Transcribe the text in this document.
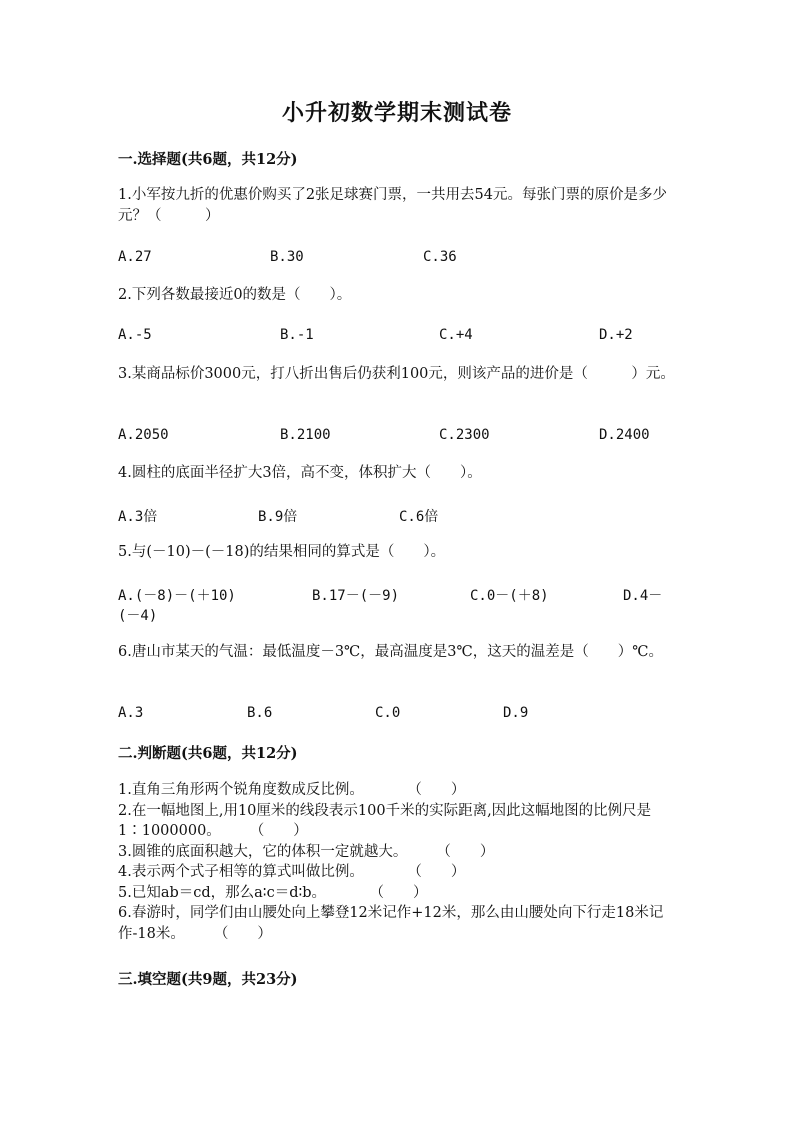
小升初数学期末测试卷
一.选择题(共6题，共12分)
1.小军按九折的优惠价购买了2张足球赛门票，一共用去54元。每张门票的原价是多少元？（　　　）
A.27	B.30	C.36
2.下列各数最接近0的数是（　　）。
A.-5	B.-1	C.+4	D.+2
3.某商品标价3000元，打八折出售后仍获利100元，则该产品的进价是（　　　）元。
A.2050	B.2100	C.2300	D.2400
4.圆柱的底面半径扩大3倍，高不变，体积扩大（　　）。
A.3倍	B.9倍	C.6倍
5.与(－10)－(－18)的结果相同的算式是（　　）。
A.(－8)－(＋10)	B.17－(－9)	C.0－(＋8)	D.4－
(－4)
6.唐山市某天的气温：最低温度－3℃，最高温度是3℃，这天的温差是（　　）℃。
A.3	B.6	C.0	D.9
二.判断题(共6题，共12分)
1.直角三角形两个锐角度数成反比例。　　　　（　　）
2.在一幅地图上,用10厘米的线段表示100千米的实际距离,因此这幅地图的比例尺是1∶1000000。　　　（　　）
3.圆锥的底面积越大，它的体积一定就越大。　　　（　　）
4.表示两个式子相等的算式叫做比例。　　　　（　　）
5.已知ab＝cd，那么a∶c＝d∶b。　　　　（　　）
6.春游时，同学们由山腰处向上攀登12米记作+12米，那么由山腰处向下行走18米记作-18米。　　　（　　）
三.填空题(共9题，共23分)
